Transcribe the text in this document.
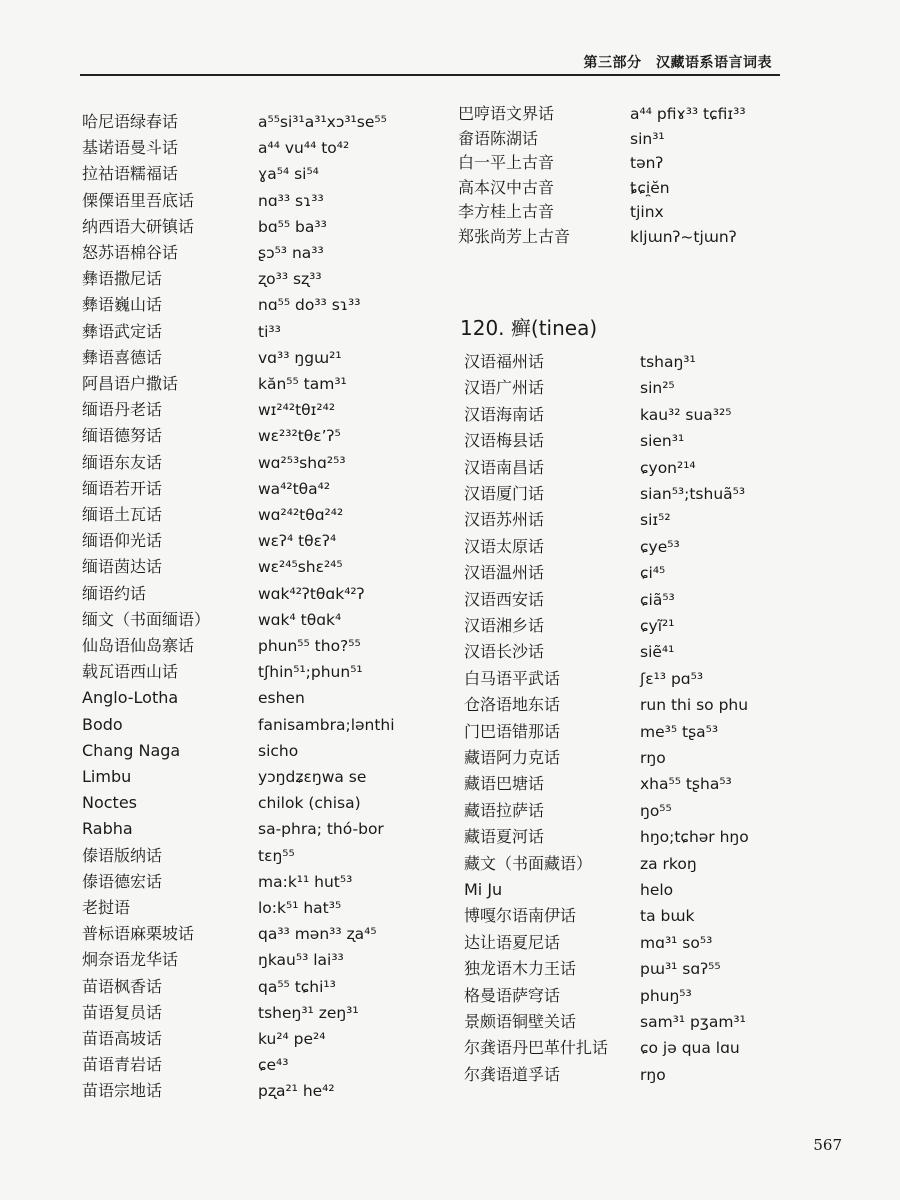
第三部分　汉藏语系语言词表
哈尼语绿春话	a⁵⁵si³¹a³¹xɔ³¹se⁵⁵
基诺语曼斗话	a⁴⁴ vu⁴⁴ to⁴²
拉祜语糯福话	ɣa⁵⁴ si⁵⁴
傈僳语里吾底话	nɑ³³ sɿ³³
纳西语大研镇话	bɑ⁵⁵ ba³³
怒苏语棉谷话	ʂɔ⁵³ na³³
彝语撒尼话	ʐo³³ sʐ³³
彝语巍山话	nɑ⁵⁵ do³³ sɿ³³
彝语武定话	ti³³
彝语喜德话	vɑ³³ ŋgɯ²¹
阿昌语户撒话	kăn⁵⁵ tam³¹
缅语丹老话	wɪ²⁴²tθɪ²⁴²
缅语德努话	wɛ²³²tθɛʼʔ⁵
缅语东友话	wɑ²⁵³shɑ²⁵³
缅语若开话	wa⁴²tθa⁴²
缅语土瓦话	wɑ²⁴²tθɑ²⁴²
缅语仰光话	wɛʔ⁴ tθɛʔ⁴
缅语茵达话	wɛ²⁴⁵shɛ²⁴⁵
缅语约话	wɑk⁴²ʔtθɑk⁴²ʔ
缅文（书面缅语）	wɑk⁴ tθɑk⁴
仙岛语仙岛寨话	phun⁵⁵ tho?⁵⁵
载瓦语西山话	tʃhin⁵¹;phun⁵¹
Anglo-Lotha	eshen
Bodo	fanisambra;lənthi
Chang Naga	sicho
Limbu	yɔŋdʑɛŋwa se
Noctes	chilok (chisa)
Rabha	sa-phra; thó-bor
傣语版纳话	tɛŋ⁵⁵
傣语德宏话	ma:k¹¹ hut⁵³
老挝语	lo:k⁵¹ hat³⁵
普标语麻栗坡话	qa³³ mən³³ ʐa⁴⁵
炯奈语龙华话	ŋkau⁵³ lai³³
苗语枫香话	qa⁵⁵ tɕhi¹³
苗语复员话	tsheŋ³¹ zeŋ³¹
苗语高坡话	ku²⁴ pe²⁴
苗语青岩话	ɕe⁴³
苗语宗地话	pʐa²¹ he⁴²
巴哼语文界话	a⁴⁴ pfiɤ³³ tɕfiɪ³³
畲语陈湖话	sin³¹
白一平上古音	tənʔ
高本汉中古音	ȶɕi̯ĕn
李方桂上古音	tjinx
郑张尚芳上古音	kljɯnʔ~tjɯnʔ
120. 癣(tinea)
汉语福州话	tshaŋ³¹
汉语广州话	sin²⁵
汉语海南话	kau³² sua³²⁵
汉语梅县话	sien³¹
汉语南昌话	ɕyon²¹⁴
汉语厦门话	sian⁵³;tshuã⁵³
汉语苏州话	siɪ⁵²
汉语太原话	ɕye⁵³
汉语温州话	ɕi⁴⁵
汉语西安话	ɕiã⁵³
汉语湘乡话	ɕyĩ²¹
汉语长沙话	siẽ⁴¹
白马语平武话	ʃɛ¹³ pɑ⁵³
仓洛语地东话	run thi so phu
门巴语错那话	me³⁵ tʂa⁵³
藏语阿力克话	rŋo
藏语巴塘话	xha⁵⁵ tʂha⁵³
藏语拉萨话	ŋo⁵⁵
藏语夏河话	hŋo;tɕhər hŋo
藏文（书面藏语）	za rkoŋ
Mi Ju	helo
博嘎尔语南伊话	ta bɯk
达让语夏尼话	mɑ³¹ so⁵³
独龙语木力王话	pɯ³¹ sɑʔ⁵⁵
格曼语萨穹话	phuŋ⁵³
景颇语铜壁关话	sam³¹ pʒam³¹
尔龚语丹巴革什扎话 ɕo jə qua lɑu
尔龚语道孚话	rŋo
567
